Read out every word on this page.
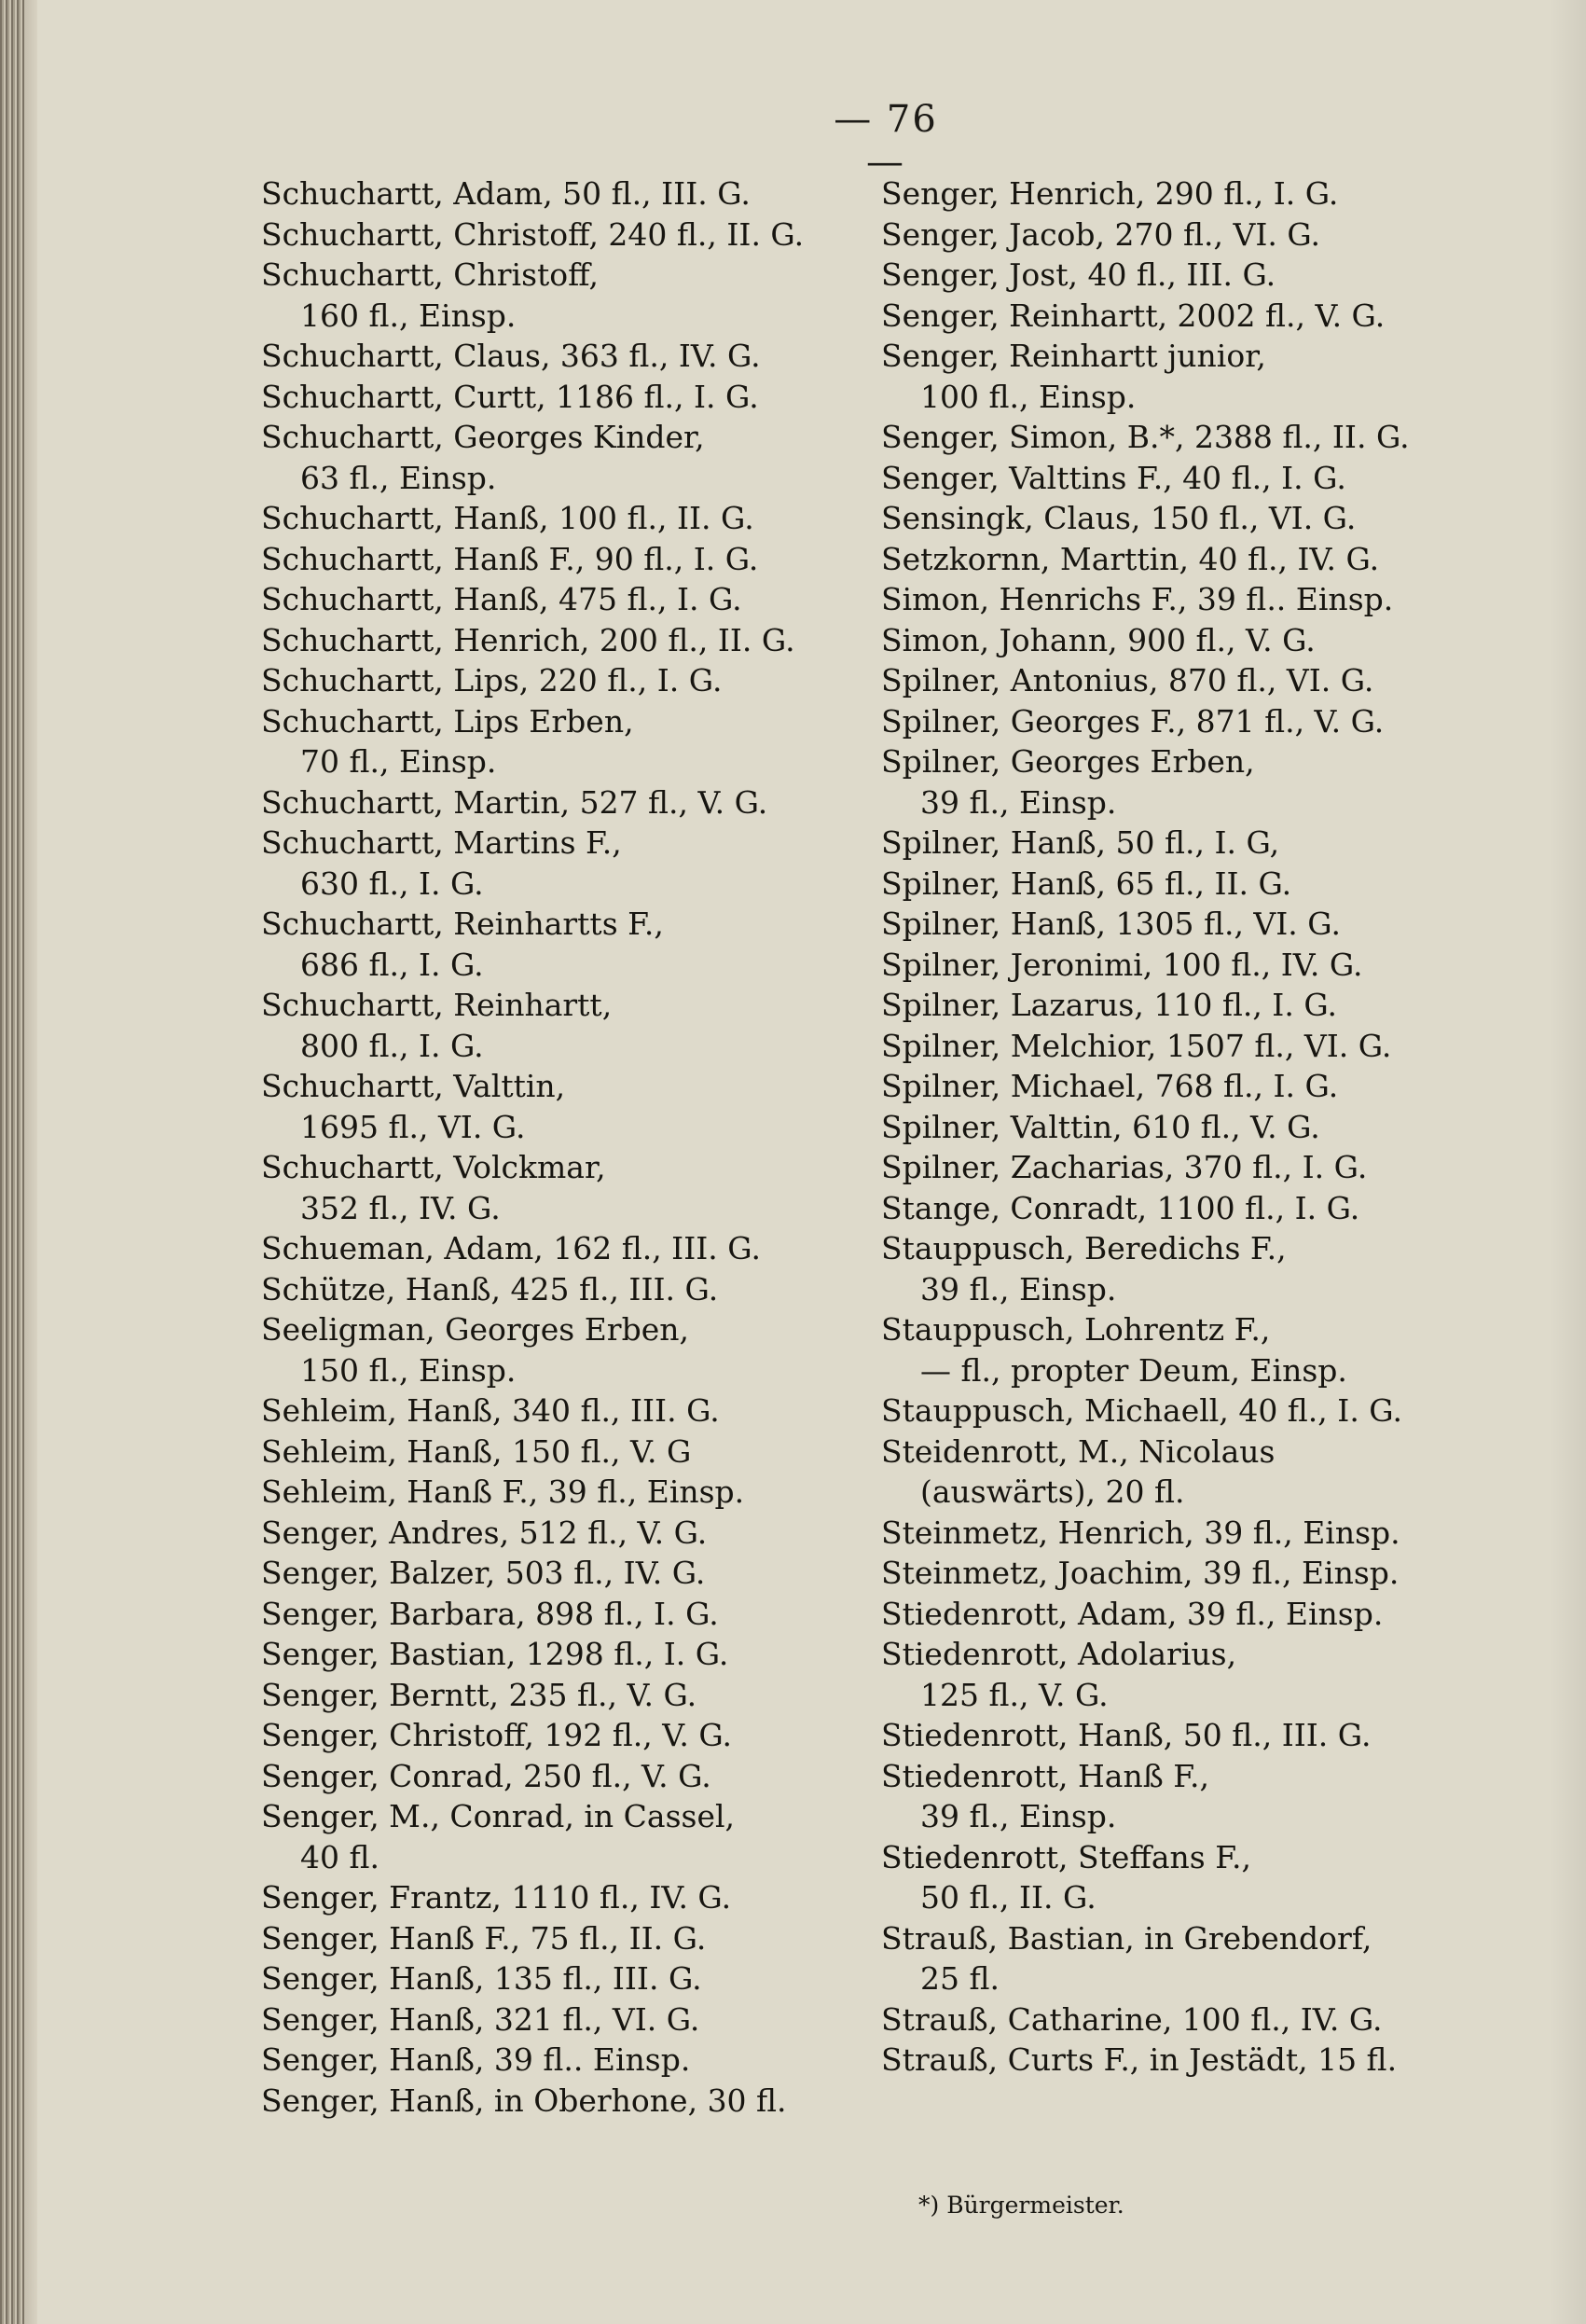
— 76 —
Schuchartt, Adam, 50 fl., III. G.
Schuchartt, Christoff, 240 fl., II. G.
Schuchartt, Christoff,
160 fl., Einsp.
Schuchartt, Claus, 363 fl., IV. G.
Schuchartt, Curtt, 1186 fl., I. G.
Schuchartt, Georges Kinder,
63 fl., Einsp.
Schuchartt, Hanß, 100 fl., II. G.
Schuchartt, Hanß F., 90 fl., I. G.
Schuchartt, Hanß, 475 fl., I. G.
Schuchartt, Henrich, 200 fl., II. G.
Schuchartt, Lips, 220 fl., I. G.
Schuchartt, Lips Erben,
70 fl., Einsp.
Schuchartt, Martin, 527 fl., V. G.
Schuchartt, Martins F.,
630 fl., I. G.
Schuchartt, Reinhartts F.,
686 fl., I. G.
Schuchartt, Reinhartt,
800 fl., I. G.
Schuchartt, Valttin,
1695 fl., VI. G.
Schuchartt, Volckmar,
352 fl., IV. G.
Schueman, Adam, 162 fl., III. G.
Schütze, Hanß, 425 fl., III. G.
Seeligman, Georges Erben,
150 fl., Einsp.
Sehleim, Hanß, 340 fl., III. G.
Sehleim, Hanß, 150 fl., V. G
Sehleim, Hanß F., 39 fl., Einsp.
Senger, Andres, 512 fl., V. G.
Senger, Balzer, 503 fl., IV. G.
Senger, Barbara, 898 fl., I. G.
Senger, Bastian, 1298 fl., I. G.
Senger, Berntt, 235 fl., V. G.
Senger, Christoff, 192 fl., V. G.
Senger, Conrad, 250 fl., V. G.
Senger, M., Conrad, in Cassel,
40 fl.
Senger, Frantz, 1110 fl., IV. G.
Senger, Hanß F., 75 fl., II. G.
Senger, Hanß, 135 fl., III. G.
Senger, Hanß, 321 fl., VI. G.
Senger, Hanß, 39 fl.. Einsp.
Senger, Hanß, in Oberhone, 30 fl.
Senger, Henrich, 290 fl., I. G.
Senger, Jacob, 270 fl., VI. G.
Senger, Jost, 40 fl., III. G.
Senger, Reinhartt, 2002 fl., V. G.
Senger, Reinhartt junior,
100 fl., Einsp.
Senger, Simon, B.*, 2388 fl., II. G.
Senger, Valttins F., 40 fl., I. G.
Sensingk, Claus, 150 fl., VI. G.
Setzkornn, Marttin, 40 fl., IV. G.
Simon, Henrichs F., 39 fl.. Einsp.
Simon, Johann, 900 fl., V. G.
Spilner, Antonius, 870 fl., VI. G.
Spilner, Georges F., 871 fl., V. G.
Spilner, Georges Erben,
39 fl., Einsp.
Spilner, Hanß, 50 fl., I. G,
Spilner, Hanß, 65 fl., II. G.
Spilner, Hanß, 1305 fl., VI. G.
Spilner, Jeronimi, 100 fl., IV. G.
Spilner, Lazarus, 110 fl., I. G.
Spilner, Melchior, 1507 fl., VI. G.
Spilner, Michael, 768 fl., I. G.
Spilner, Valttin, 610 fl., V. G.
Spilner, Zacharias, 370 fl., I. G.
Stange, Conradt, 1100 fl., I. G.
Stauppusch, Beredichs F.,
39 fl., Einsp.
Stauppusch, Lohrentz F.,
— fl., propter Deum, Einsp.
Stauppusch, Michaell, 40 fl., I. G.
Steidenrott, M., Nicolaus
(auswärts), 20 fl.
Steinmetz, Henrich, 39 fl., Einsp.
Steinmetz, Joachim, 39 fl., Einsp.
Stiedenrott, Adam, 39 fl., Einsp.
Stiedenrott, Adolarius,
125 fl., V. G.
Stiedenrott, Hanß, 50 fl., III. G.
Stiedenrott, Hanß F.,
39 fl., Einsp.
Stiedenrott, Steffans F.,
50 fl., II. G.
Strauß, Bastian, in Grebendorf,
25 fl.
Strauß, Catharine, 100 fl., IV. G.
Strauß, Curts F., in Jestädt, 15 fl.
*) Bürgermeister.
